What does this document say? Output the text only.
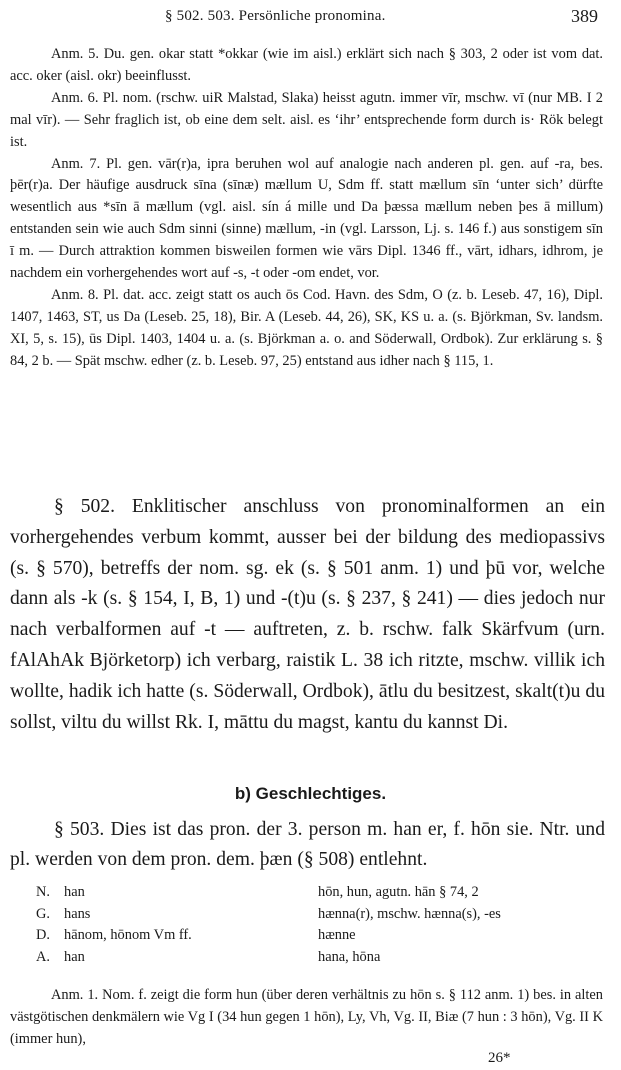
§ 502. 503. Persönliche pronomina.	389

Anm. 5. Du. gen. okar statt *okkar (wie im aisl.) erklärt sich nach § 303, 2 oder ist vom dat. acc. oker (aisl. okr) beeinflusst.

Anm. 6. Pl. nom. (rschw. uiR Malstad, Slaka) heisst agutn. immer vīr, mschw. vī (nur MB. I 2 mal vīr). — Sehr fraglich ist, ob eine dem selt. aisl. es ‘ihr’ entsprechende form durch is· Rök belegt ist.

Anm. 7. Pl. gen. vār(r)a, ipra beruhen wol auf analogie nach anderen pl. gen. auf -ra, bes. þēr(r)a. Der häufige ausdruck sīna (sīnæ) mællum U, Sdm ff. statt mællum sīn ‘unter sich’ dürfte wesentlich aus *sīn ā mællum (vgl. aisl. sín á mille und Da þæssa mællum neben þes ā millum) entstanden sein wie auch Sdm sinni (sinne) mællum, -in (vgl. Larsson, Lj. s. 146 f.) aus sonstigem sīn ī m. — Durch attraktion kommen bisweilen formen wie vārs Dipl. 1346 ff., vārt, idhars, idhrom, je nachdem ein vorhergehendes wort auf -s, -t oder -om endet, vor.

Anm. 8. Pl. dat. acc. zeigt statt os auch ōs Cod. Havn. des Sdm, O (z. b. Leseb. 47, 16), Dipl. 1407, 1463, ST, us Da (Leseb. 25, 18), Bir. A (Leseb. 44, 26), SK, KS u. a. (s. Björkman, Sv. landsm. XI, 5, s. 15), ūs Dipl. 1403, 1404 u. a. (s. Björkman a. o. and Söderwall, Ordbok). Zur erklärung s. § 84, 2 b. — Spät mschw. edher (z. b. Leseb. 97, 25) entstand aus idher nach § 115, 1.

§ 502. Enklitischer anschluss von pronominalformen an ein vorhergehendes verbum kommt, ausser bei der bildung des mediopassivs (s. § 570), betreffs der nom. sg. ek (s. § 501 anm. 1) und þū vor, welche dann als -k (s. § 154, I, B, 1) und -(t)u (s. § 237, § 241) — dies jedoch nur nach verbalformen auf -t — auftreten, z. b. rschw. falk Skärfvum (urn. fAlAhAk Björketorp) ich verbarg, raistik L. 38 ich ritzte, mschw. villik ich wollte, hadik ich hatte (s. Söderwall, Ordbok), ātlu du besitzest, skalt(t)u du sollst, viltu du willst Rk. I, māttu du magst, kantu du kannst Di.

b) Geschlechtiges.

§ 503. Dies ist das pron. der 3. person m. han er, f. hōn sie. Ntr. und pl. werden von dem pron. dem. þæn (§ 508) entlehnt.

N. han	hōn, hun, agutn. hān § 74, 2
G. hans	hænna(r), mschw. hænna(s), -es
D. hānom, hōnom Vm ff.	hænne
A. han	hana, hōna

Anm. 1. Nom. f. zeigt die form hun (über deren verhältnis zu hōn s. § 112 anm. 1) bes. in alten västgötischen denkmälern wie Vg I (34 hun gegen 1 hōn), Ly, Vh, Vg. II, Biæ (7 hun : 3 hōn), Vg. II K (immer hun),

26*
